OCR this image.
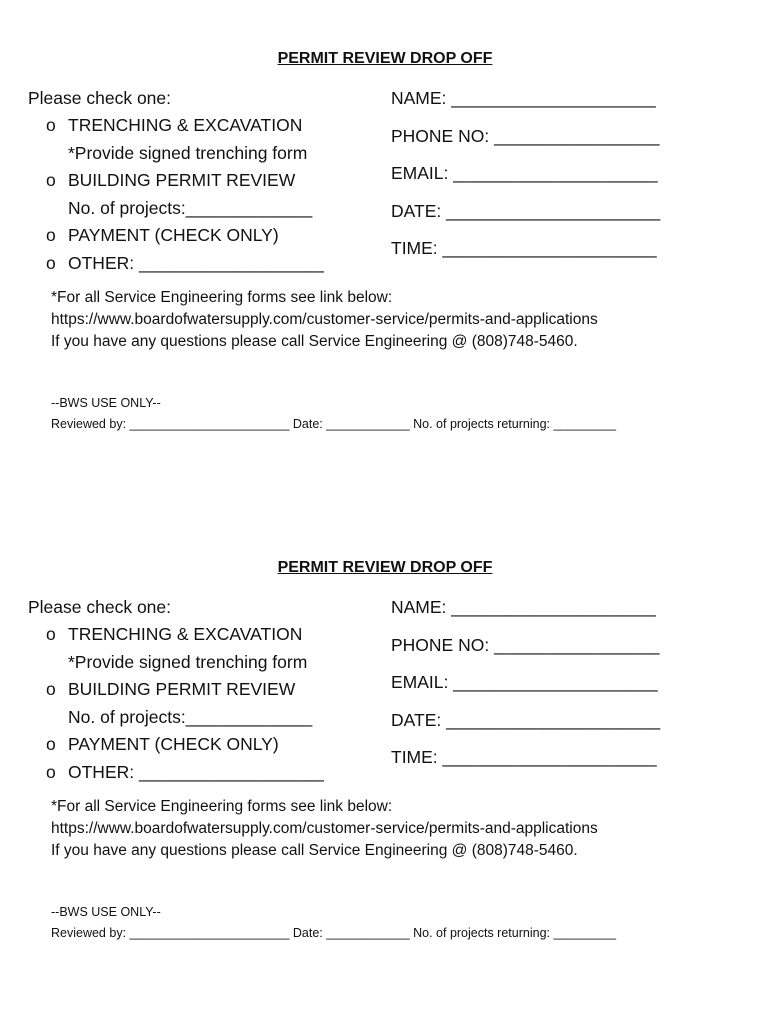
PERMIT REVIEW DROP OFF
Please check one:
o TRENCHING & EXCAVATION
*Provide signed trenching form
o BUILDING PERMIT REVIEW
No. of projects:_____________
o PAYMENT (CHECK ONLY)
o OTHER: ___________________
NAME: _____________________
PHONE NO: _________________
EMAIL: _____________________
DATE: ______________________
TIME: ______________________
*For all Service Engineering forms see link below:
https://www.boardofwatersupply.com/customer-service/permits-and-applications
If you have any questions please call Service Engineering @ (808)748-5460.
--BWS USE ONLY--
Reviewed by: _______________________ Date: ____________ No. of projects returning: _________
PERMIT REVIEW DROP OFF
Please check one:
o TRENCHING & EXCAVATION
*Provide signed trenching form
o BUILDING PERMIT REVIEW
No. of projects:_____________
o PAYMENT (CHECK ONLY)
o OTHER: ___________________
NAME: _____________________
PHONE NO: _________________
EMAIL: _____________________
DATE: ______________________
TIME: ______________________
*For all Service Engineering forms see link below:
https://www.boardofwatersupply.com/customer-service/permits-and-applications
If you have any questions please call Service Engineering @ (808)748-5460.
--BWS USE ONLY--
Reviewed by: _______________________ Date: ____________ No. of projects returning: _________
